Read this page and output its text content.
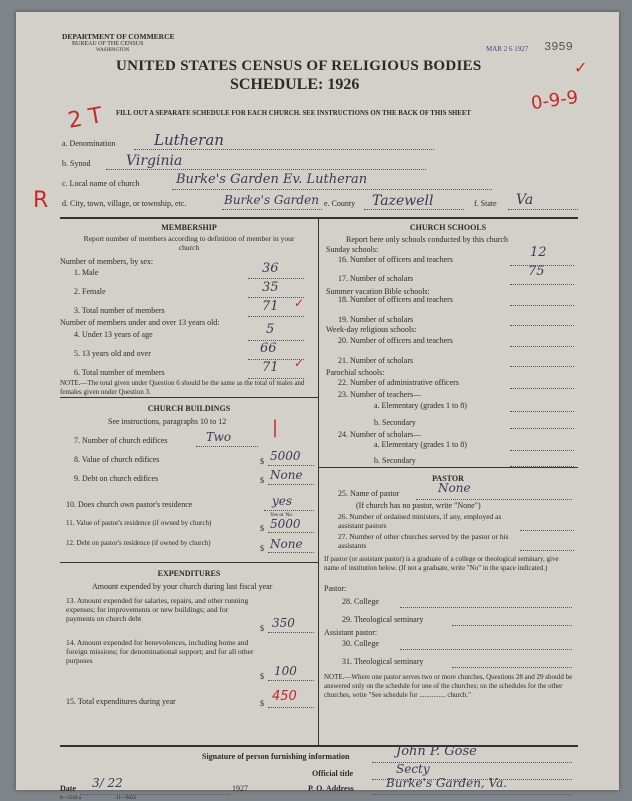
DEPARTMENT OF COMMERCE
BUREAU OF THE CENSUS
WASHINGTON	MAR 2 6 1927 3959
UNITED STATES CENSUS OF RELIGIOUS BODIES
SCHEDULE: 1926
FILL OUT A SEPARATE SCHEDULE FOR EACH CHURCH. SEE INSTRUCTIONS ON THE BACK OF THIS SHEET
2 T
0-9-9
✓
R
a. Denomination	Lutheran
b. Synod	Virginia
c. Local name of church	Burke's Garden Ev. Lutheran
d. City, town, village, or township, etc.	Burke's Garden e. County Tazewell	f. State Va
MEMBERSHIP
Report number of members according to definition of member in your church
Number of members, by sex:
1. Male	36
2. Female	35
3. Total number of members	71 ✓
Number of members under and over 13 years old:
4. Under 13 years of age	5
5. 13 years old and over	66
6. Total number of members	71 ✓
NOTE.—The total given under Question 6 should be the same as the total of males and females given under Question 3.
CHURCH BUILDINGS
See instructions, paragraphs 10 to 12	|
7. Number of church edifices	Two
8. Value of church edifices	$ 5000
9. Debt on church edifices	$ None
10. Does church own pastor's residence	yes
Yes or No
11. Value of pastor's residence (if owned by church)
$ 5000
12. Debt on pastor's residence (if owned by church)
$ None
EXPENDITURES
Amount expended by your church during last fiscal year
13. Amount expended for salaries, repairs, and other running expenses; for improvements or new buildings; and for payments on church debt
$ 350
14. Amount expended for benevolences, including home and foreign missions; for denominational support; and for all other purposes
$ 100
15. Total expenditures during year	$ 450
CHURCH SCHOOLS
Report here only schools conducted by this church
Sunday schools:
16. Number of officers and teachers	12
17. Number of scholars	75
Summer vacation Bible schools:
18. Number of officers and teachers
19. Number of scholars
Week-day religious schools:
20. Number of officers and teachers
21. Number of scholars
Parochial schools:
22. Number of administrative officers
23. Number of teachers—
a. Elementary (grades 1 to 8)
b. Secondary
24. Number of scholars—
a. Elementary (grades 1 to 8)
b. Secondary
PASTOR
25. Name of pastor	None
(If church has no pastor, write "None")
26. Number of ordained ministers, if any, employed as assistant pastors
27. Number of other churches served by the pastor or his assistants
If pastor (or assistant pastor) is a graduate of a college or theological seminary, give name of institution below. (If not a graduate, write "No" in the space indicated.)
Pastor:
28. College
29. Theological seminary
Assistant pastor:
30. College
31. Theological seminary
NOTE.—Where one pastor serves two or more churches, Questions 28 and 29 should be answered only on the schedule for one of the churches; on the schedules for the other churches, write "See schedule for ............... church."
Signature of person furnishing information	John P. Gose
Official title	Secty
Date 3/ 22	1927	P. O. Address	Burke's Garden, Va.
8—5518 a	11—9654
